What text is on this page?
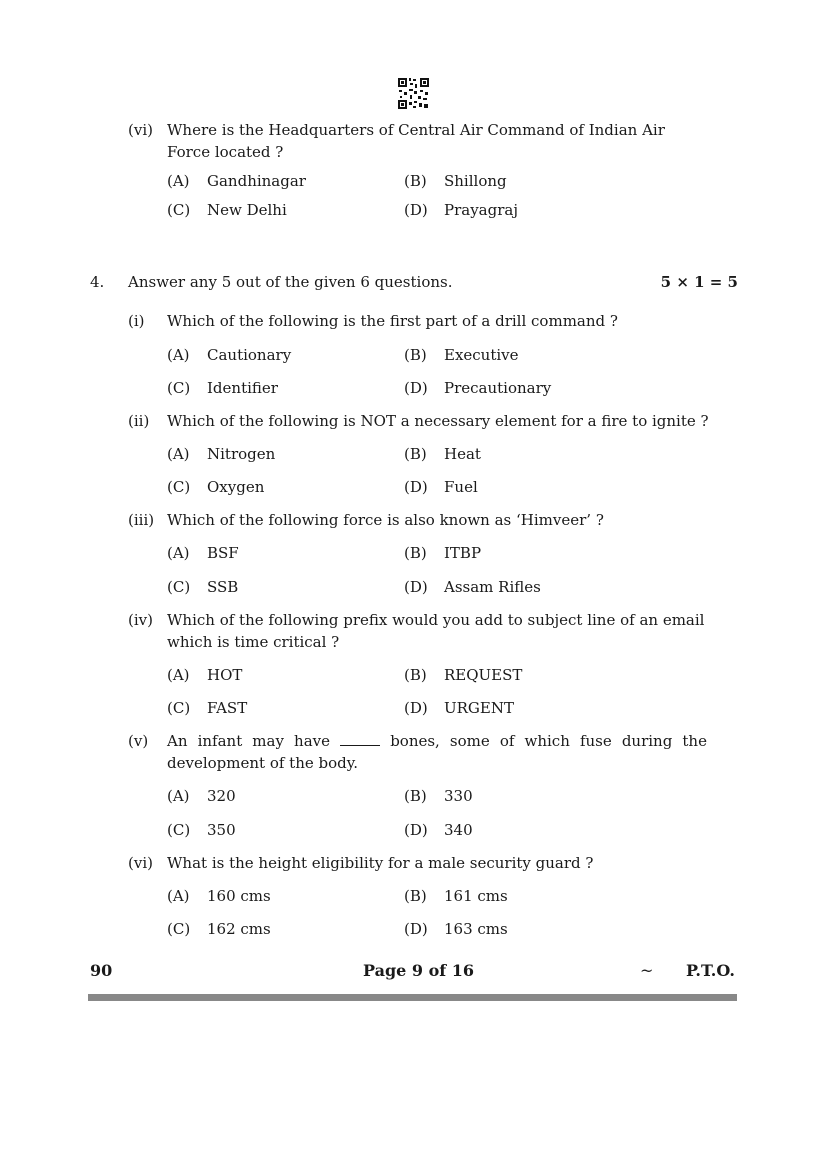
(vi) Where is the Headquarters of Central Air Command of Indian Air Force located ?
(A) Gandhinagar	(B) Shillong
(C) New Delhi	(D) Prayagraj
4. Answer any 5 out of the given 6 questions.	5 × 1 = 5
(i) Which of the following is the first part of a drill command ?
(A) Cautionary	(B) Executive
(C) Identifier	(D) Precautionary
(ii) Which of the following is NOT a necessary element for a fire to ignite ?
(A) Nitrogen	(B) Heat
(C) Oxygen	(D) Fuel
(iii) Which of the following force is also known as ‘Himveer’ ?
(A) BSF	(B) ITBP
(C) SSB	(D) Assam Rifles
(iv) Which of the following prefix would you add to subject line of an email which is time critical ?
(A) HOT	(B) REQUEST
(C) FAST	(D) URGENT
(v) An infant may have	bones, some of which fuse during the development of the body.
(A) 320	(B) 330
(C) 350	(D) 340
(vi) What is the height eligibility for a male security guard ?
(A) 160 cms	(B) 161 cms
(C) 162 cms	(D) 163 cms
90	Page 9 of 16	~ P.T.O.
